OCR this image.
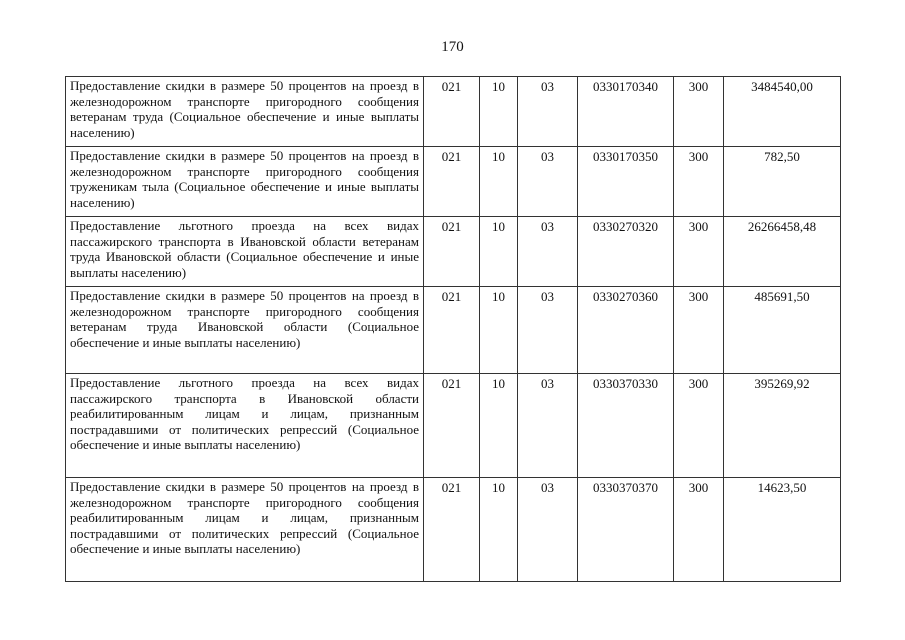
170
Предоставление скидки в размере 50 процентов на проезд в железнодорожном транспорте пригородного сообщения ветеранам труда (Социальное обеспечение и иные выплаты населению)	021	10	03	0330170340	300	3484540,00
Предоставление скидки в размере 50 процентов на проезд в железнодорожном транспорте пригородного сообщения труженикам тыла (Социальное обеспечение и иные выплаты населению)	021	10	03	0330170350	300	782,50
Предоставление льготного проезда на всех видах пассажирского транспорта в Ивановской области ветеранам труда Ивановской области (Социальное обеспечение и иные выплаты населению)	021	10	03	0330270320	300	26266458,48
Предоставление скидки в размере 50 процентов на проезд в железнодорожном транспорте пригородного сообщения ветеранам труда Ивановской области (Социальное обеспечение и иные выплаты населению)	021	10	03	0330270360	300	485691,50
Предоставление льготного проезда на всех видах пассажирского транспорта в Ивановской области реабилитированным лицам и лицам, признанным пострадавшими от политических репрессий (Социальное обеспечение и иные выплаты населению)	021	10	03	0330370330	300	395269,92
Предоставление скидки в размере 50 процентов на проезд в железнодорожном транспорте пригородного сообщения реабилитированным лицам и лицам, признанным пострадавшими от политических репрессий (Социальное обеспечение и иные выплаты населению)	021	10	03	0330370370	300	14623,50
